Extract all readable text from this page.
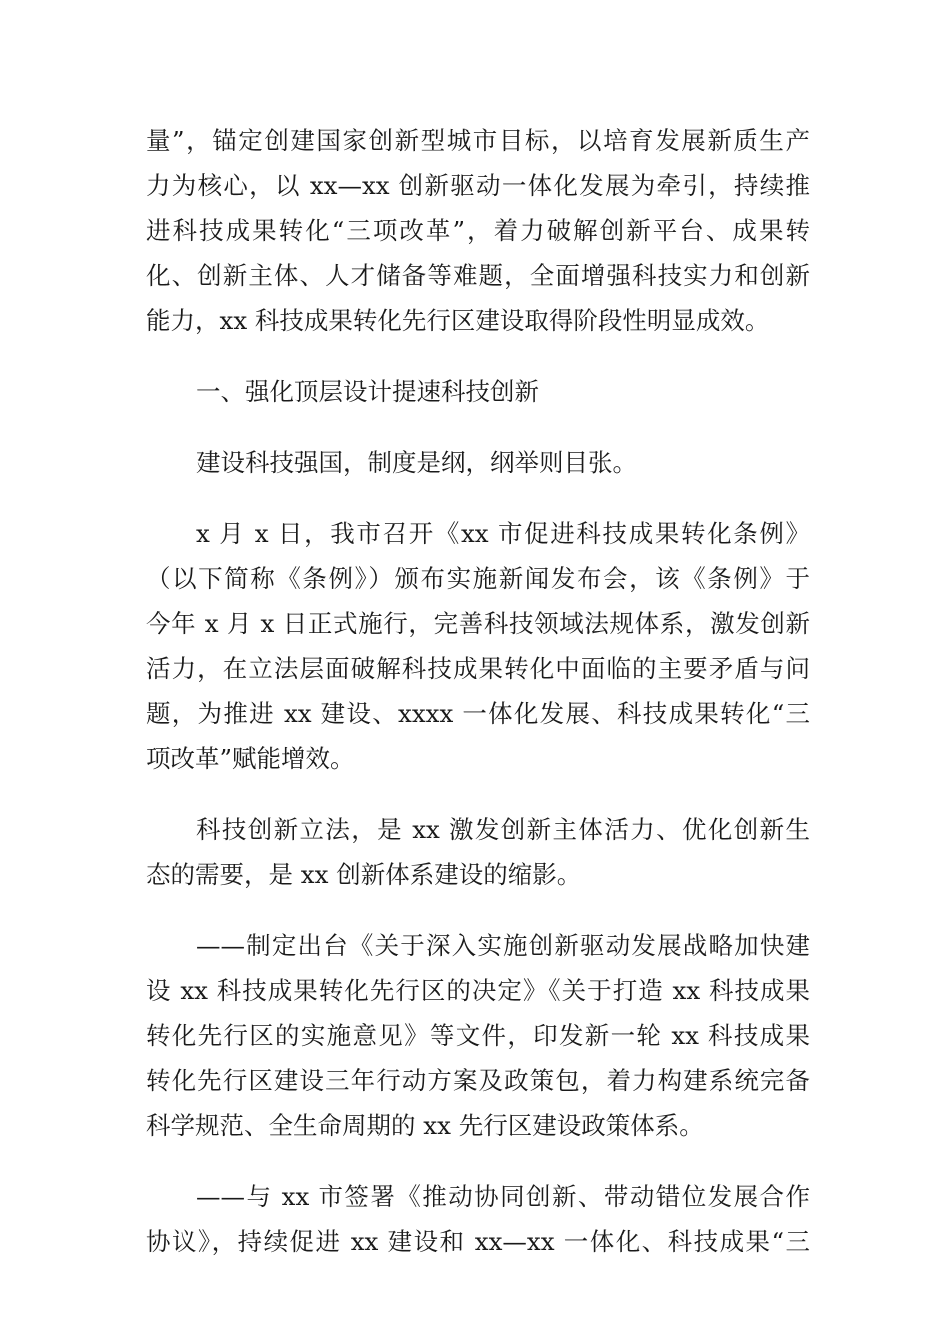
量”，锚定创建国家创新型城市目标，以培育发展新质生产
力为核心，以 xx—xx 创新驱动一体化发展为牵引，持续推
进科技成果转化“三项改革”，着力破解创新平台、成果转
化、创新主体、人才储备等难题，全面增强科技实力和创新
能力，xx 科技成果转化先行区建设取得阶段性明显成效。
一、强化顶层设计提速科技创新
建设科技强国，制度是纲，纲举则目张。
x 月 x 日，我市召开《xx 市促进科技成果转化条例》
（以下简称《条例》）颁布实施新闻发布会，该《条例》于
今年 x 月 x 日正式施行，完善科技领域法规体系，激发创新
活力，在立法层面破解科技成果转化中面临的主要矛盾与问
题，为推进 xx 建设、xxxx 一体化发展、科技成果转化“三
项改革”赋能增效。
科技创新立法，是 xx 激发创新主体活力、优化创新生
态的需要，是 xx 创新体系建设的缩影。
——制定出台《关于深入实施创新驱动发展战略加快建
设 xx 科技成果转化先行区的决定》《关于打造 xx 科技成果
转化先行区的实施意见》等文件，印发新一轮 xx 科技成果
转化先行区建设三年行动方案及政策包，着力构建系统完备
科学规范、全生命周期的 xx 先行区建设政策体系。
——与 xx 市签署《推动协同创新、带动错位发展合作
协议》，持续促进 xx 建设和 xx—xx 一体化、科技成果“三
